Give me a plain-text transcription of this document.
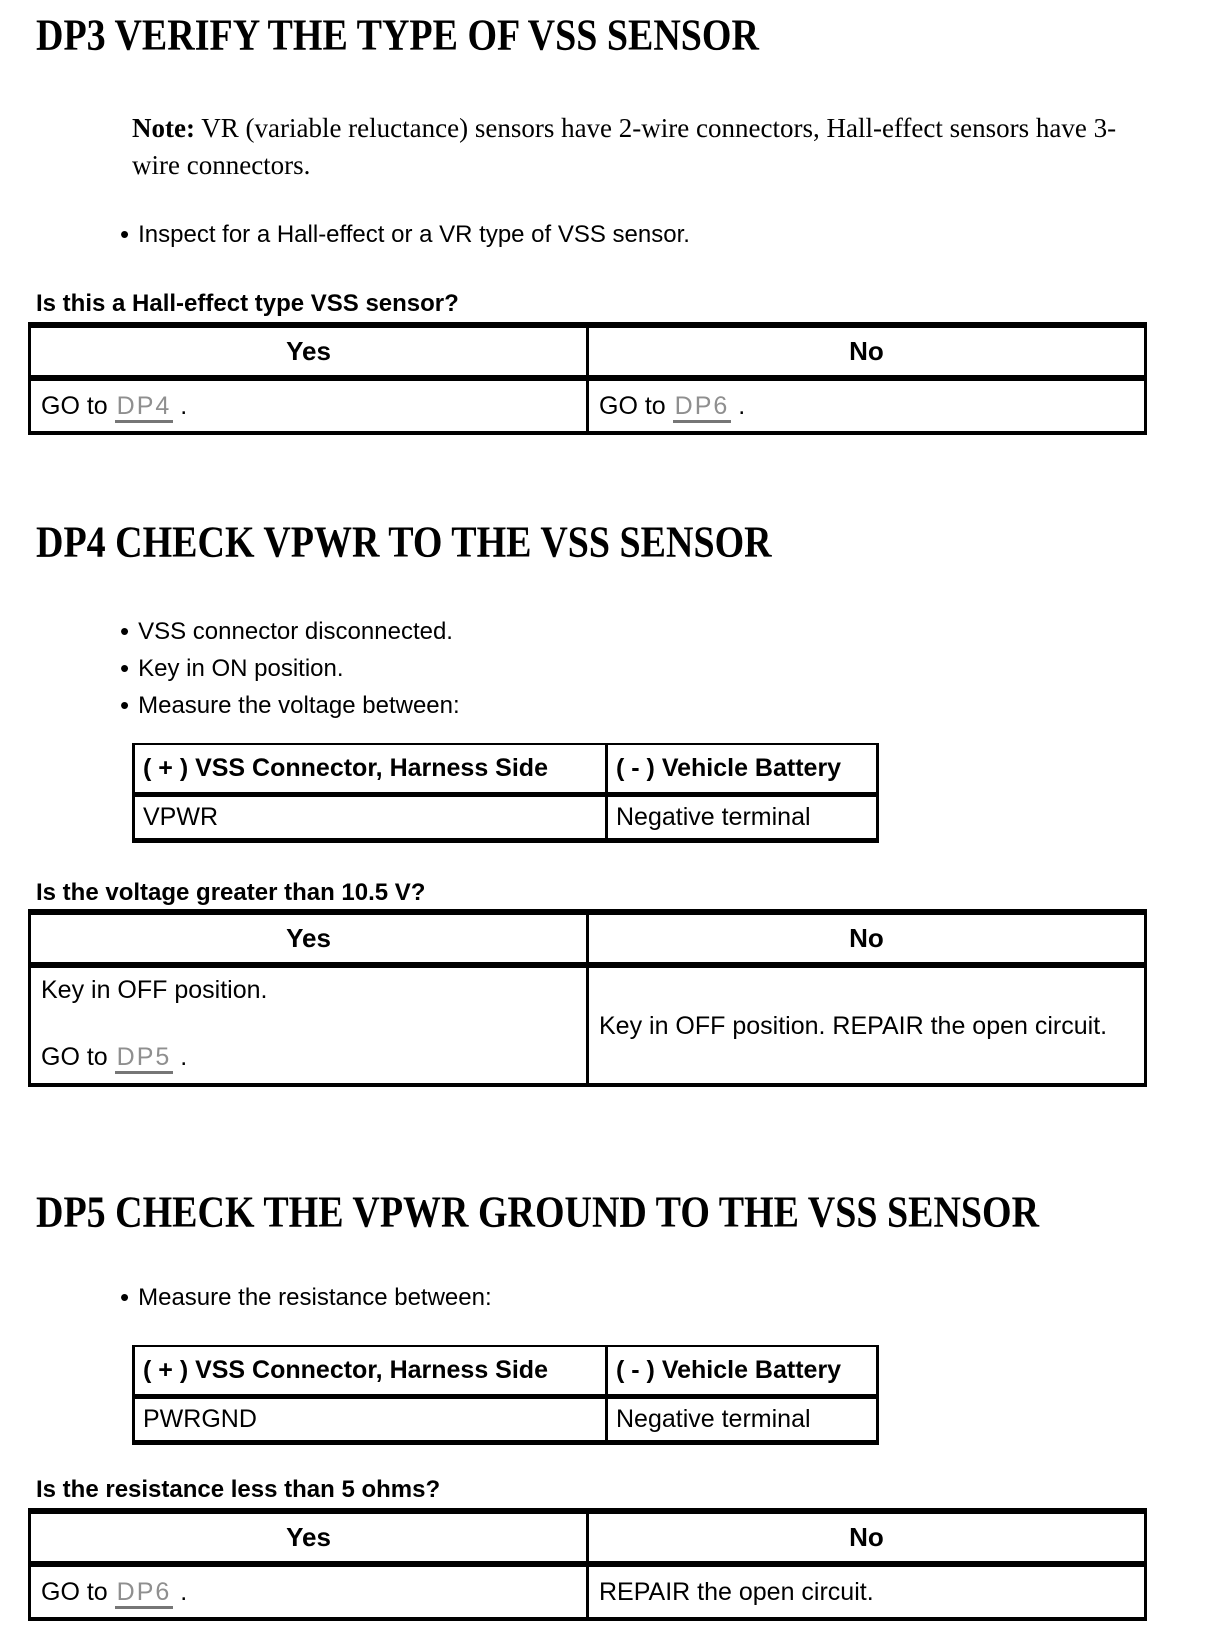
DP3 VERIFY THE TYPE OF VSS SENSOR

Note: VR (variable reluctance) sensors have 2-wire connectors, Hall-effect sensors have 3-wire connectors.

• Inspect for a Hall-effect or a VR type of VSS sensor.

Is this a Hall-effect type VSS sensor?

Yes	No
GO to DP4 .	GO to DP6 .
DP4 CHECK VPWR TO THE VSS SENSOR
• VSS connector disconnected.
• Key in ON position.
• Measure the voltage between:
( + ) VSS Connector, Harness Side	( - ) Vehicle Battery
VPWR	Negative terminal

Is the voltage greater than 10.5 V?

Yes	No

Key in OFF position.
GO to DP5 .	Key in OFF position. REPAIR the open circuit.
DP5 CHECK THE VPWR GROUND TO THE VSS SENSOR
• Measure the resistance between:
( + ) VSS Connector, Harness Side	( - ) Vehicle Battery
PWRGND	Negative terminal

Is the resistance less than 5 ohms?

Yes	No
GO to DP6 .	REPAIR the open circuit.
